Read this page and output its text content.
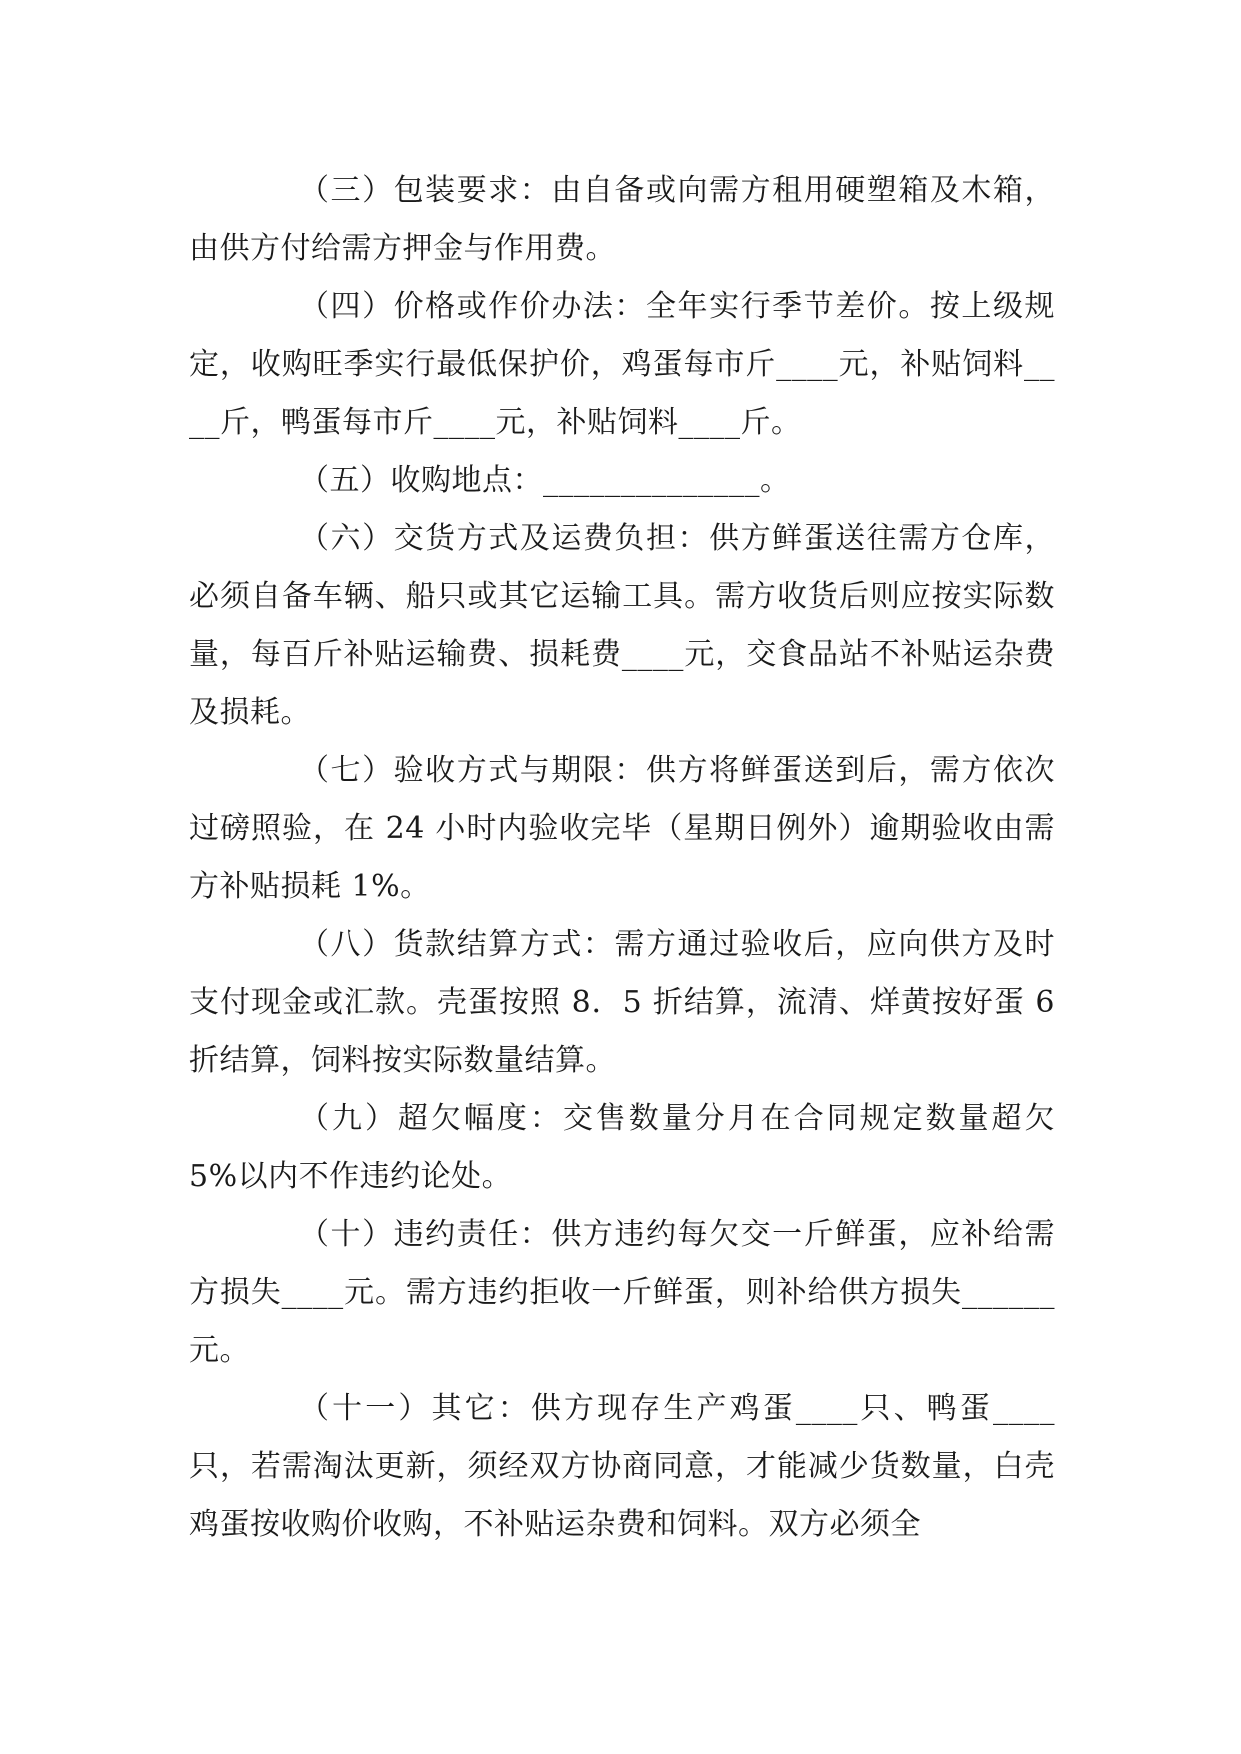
（三）包装要求：由自备或向需方租用硬塑箱及木箱，由供方付给需方押金与作用费。

（四）价格或作价办法：全年实行季节差价。按上级规定，收购旺季实行最低保护价，鸡蛋每市斤____元，补贴饲料____斤，鸭蛋每市斤____元，补贴饲料____斤。

（五）收购地点：______________。

（六）交货方式及运费负担：供方鲜蛋送往需方仓库，必须自备车辆、船只或其它运输工具。需方收货后则应按实际数量，每百斤补贴运输费、损耗费____元，交食品站不补贴运杂费及损耗。

（七）验收方式与期限：供方将鲜蛋送到后，需方依次过磅照验，在 24 小时内验收完毕（星期日例外）逾期验收由需方补贴损耗 1%。

（八）货款结算方式：需方通过验收后，应向供方及时支付现金或汇款。壳蛋按照 8．5 折结算，流清、烊黄按好蛋 6 折结算，饲料按实际数量结算。

（九）超欠幅度：交售数量分月在合同规定数量超欠 5%以内不作违约论处。

（十）违约责任：供方违约每欠交一斤鲜蛋，应补给需方损失____元。需方违约拒收一斤鲜蛋，则补给供方损失______元。

（十一）其它：供方现存生产鸡蛋____只、鸭蛋____只，若需淘汰更新，须经双方协商同意，才能减少货数量，白壳鸡蛋按收购价收购，不补贴运杂费和饲料。双方必须全
